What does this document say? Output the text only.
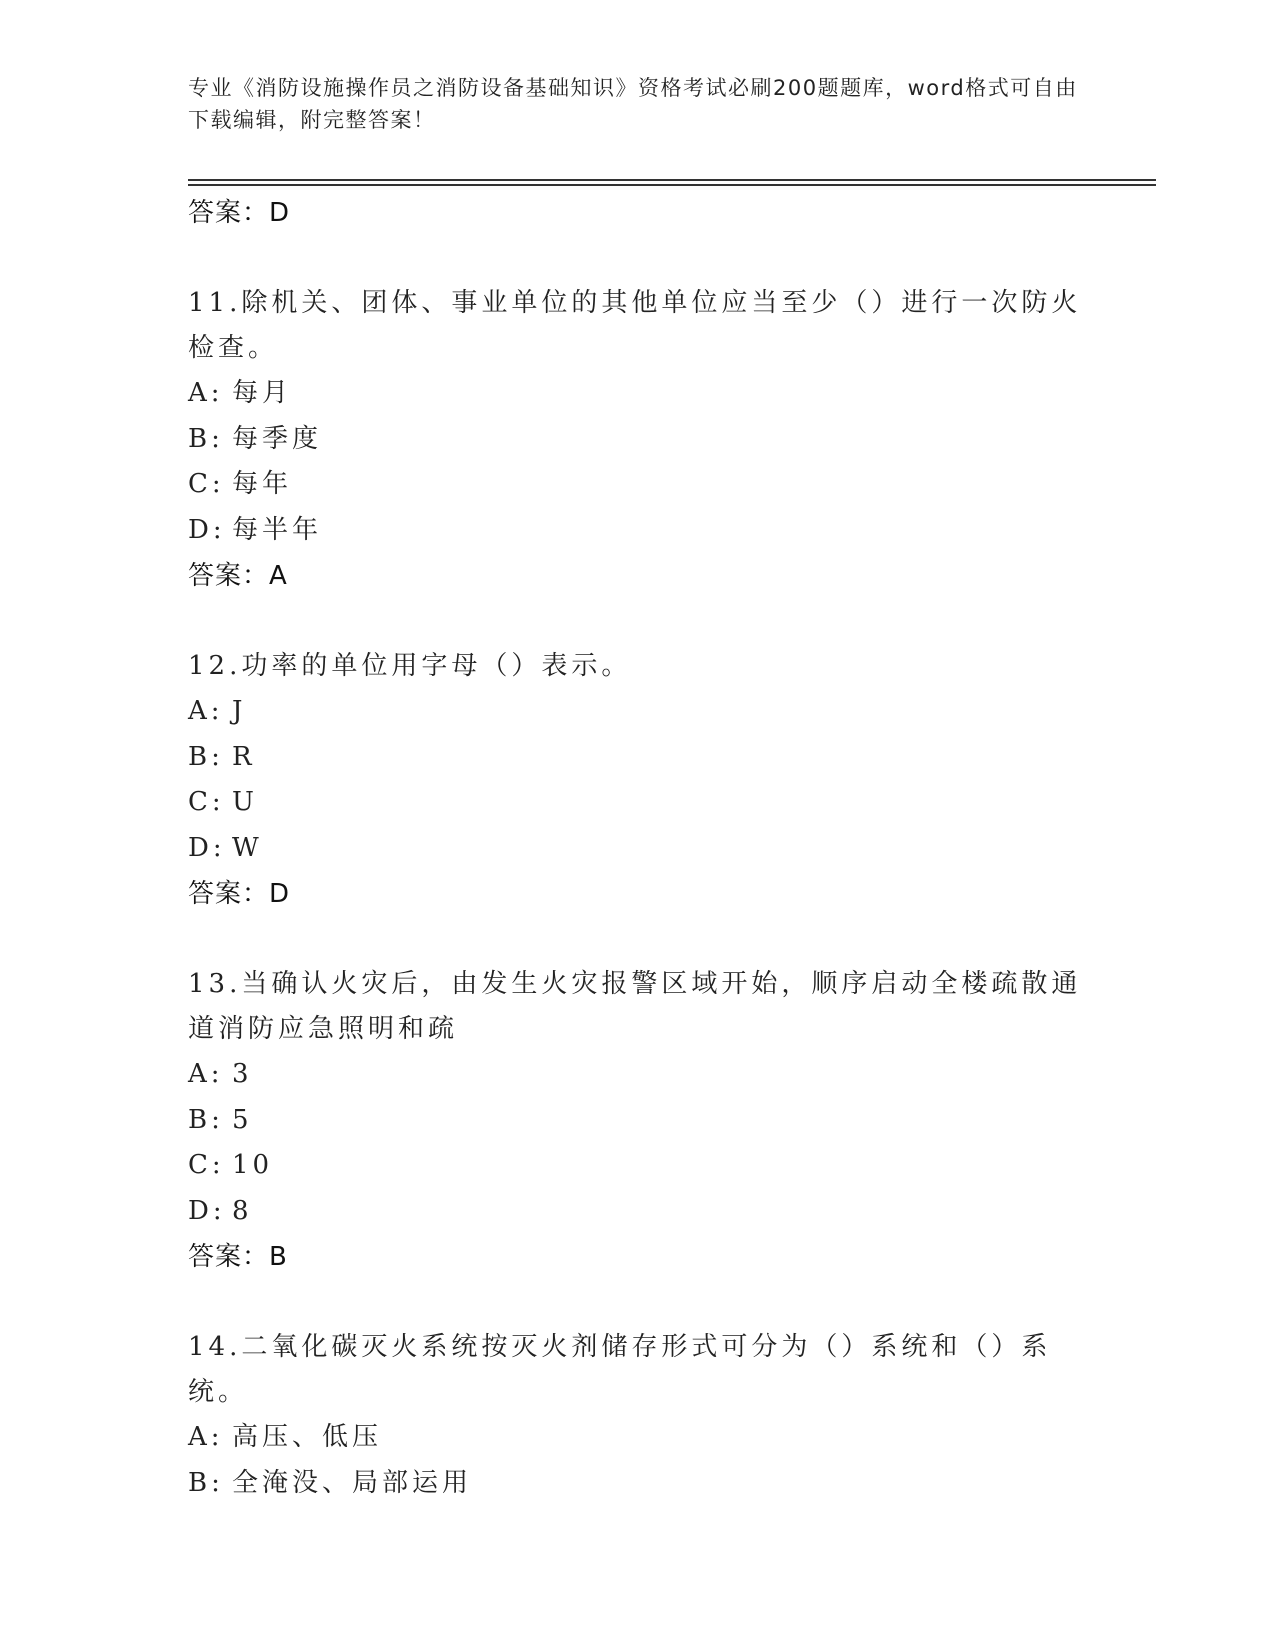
专业《消防设施操作员之消防设备基础知识》资格考试必刷200题题库，word格式可自由下载编辑，附完整答案！
答案：D
11.除机关、团体、事业单位的其他单位应当至少（）进行一次防火检查。
A: 每月
B: 每季度
C: 每年
D: 每半年
答案：A
12.功率的单位用字母（）表示。
A: J
B: R
C: U
D: W
答案：D
13.当确认火灾后，由发生火灾报警区域开始，顺序启动全楼疏散通道消防应急照明和疏
A: 3
B: 5
C: 10
D: 8
答案：B
14.二氧化碳灭火系统按灭火剂储存形式可分为（）系统和（）系统。
A: 高压、低压
B: 全淹没、局部运用
